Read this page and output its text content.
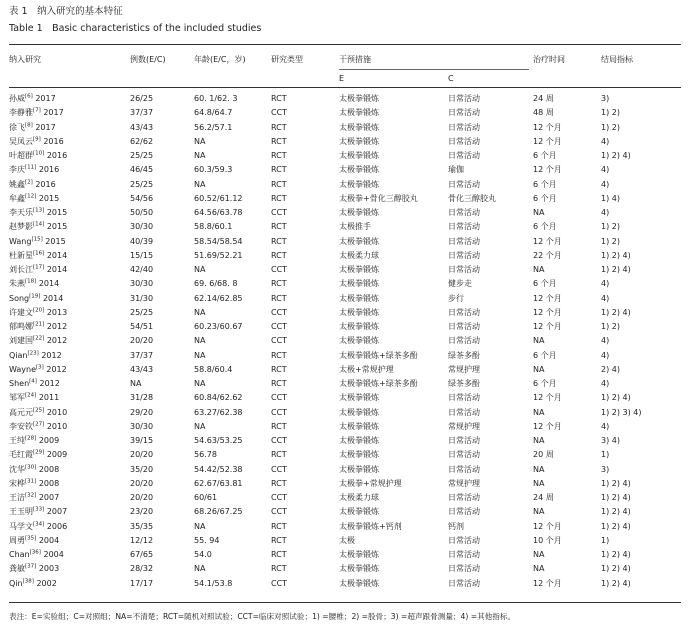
表 1　纳入研究的基本特征
Table 1　Basic characteristics of the included studies
纳入研究	例数(E/C)	年龄(E/C，岁)	研究类型	干预措施	治疗时间	结局指标
E	C
孙威[6] 2017	26/25	60. 1/62. 3	RCT	太极拳锻炼	日常活动	24 周	3)
李静雅[7] 2017	37/37	64.8/64.7	CCT	太极拳锻炼	日常活动	48 周	1) 2)
徐飞[8] 2017	43/43	56.2/57.1	RCT	太极拳锻炼	日常活动	12 个月	1) 2)
吴凤云[9] 2016	62/62	NA	RCT	太极拳锻炼	日常活动	12 个月	4)
叶超群[10] 2016	25/25	NA	RCT	太极拳锻炼	日常活动	6 个月	1) 2) 4)
李庆[11] 2016	46/45	60.3/59.3	RCT	太极拳锻炼	瑜伽	12 个月	4)
姚鑫[2] 2016	25/25	NA	RCT	太极拳锻炼	日常活动	6 个月	4)
牟鑫[12] 2015	54/56	60.52/61.12	RCT	太极拳+骨化三醇胶丸	骨化三醇胶丸	6 个月	1) 4)
李天乐[13] 2015	50/50	64.56/63.78	CCT	太极拳锻炼	日常活动	NA	4)
赵梦影[14] 2015	30/30	58.8/60.1	RCT	太极推手	日常活动	6 个月	1) 2)
Wang[15] 2015	40/39	58.54/58.54	RCT	太极拳锻炼	日常活动	12 个月	1) 2)
杜新星[16] 2014	15/15	51.69/52.21	RCT	太极柔力球	日常活动	22 个月	1) 2) 4)
刘长江[17] 2014	42/40	NA	CCT	太极拳锻炼	日常活动	NA	1) 2) 4)
朱燕[18] 2014	30/30	69. 6/68. 8	RCT	太极拳锻炼	健步走	6 个月	4)
Song[19] 2014	31/30	62.14/62.85	RCT	太极拳锻炼	步行	12 个月	4)
许建文[20] 2013	25/25	NA	CCT	太极拳锻炼	日常活动	12 个月	1) 2) 4)
郁鸣娜[21] 2012	54/51	60.23/60.67	CCT	太极拳锻炼	日常活动	12 个月	1) 2)
刘建国[22] 2012	20/20	NA	CCT	太极拳锻炼	日常活动	NA	4)
Qian[23] 2012	37/37	NA	RCT	太极拳锻炼+绿茶多酚	绿茶多酚	6 个月	4)
Wayne[3] 2012	43/43	58.8/60.4	RCT	太极+常规护理	常规护理	NA	2) 4)
Shen[4] 2012	NA	NA	RCT	太极拳锻炼+绿茶多酚	绿茶多酚	6 个月	4)
邹军[24] 2011	31/28	60.84/62.62	CCT	太极拳锻炼	日常活动	12 个月	1) 2) 4)
高元元[25] 2010	29/20	63.27/62.38	CCT	太极拳锻炼	日常活动	NA	1) 2) 3) 4)
李安钦[27] 2010	30/30	NA	RCT	太极拳锻炼	常规护理	12 个月	4)
王纯[28] 2009	39/15	54.63/53.25	CCT	太极拳锻炼	日常活动	NA	3) 4)
毛红霞[29] 2009	20/20	56.78	RCT	太极拳锻炼	日常活动	20 周	1)
沈华[30] 2008	35/20	54.42/52.38	CCT	太极拳锻炼	日常活动	NA	3)
宋桦[31] 2008	20/20	62.67/63.81	RCT	太极拳+常规护理	常规护理	NA	1) 2) 4)
王洁[32] 2007	20/20	60/61	CCT	太极柔力球	日常活动	24 周	1) 2) 4)
王玉明[33] 2007	23/20	68.26/67.25	CCT	太极拳锻炼	日常活动	NA	1) 2) 4)
马学文[34] 2006	35/35	NA	RCT	太极拳锻炼+钙剂	钙剂	12 个月	1) 2) 4)
周勇[35] 2004	12/12	55. 94	RCT	太极	日常活动	10 个月	1)
Chan[36] 2004	67/65	54.0	RCT	太极拳锻炼	日常活动	NA	1) 2) 4)
龚敏[37] 2003	28/32	NA	RCT	太极拳锻炼	日常活动	NA	1) 2) 4)
Qin[38] 2002	17/17	54.1/53.8	CCT	太极拳锻炼	日常活动	12 个月	1) 2) 4)
表注：E=实验组；C=对照组；NA=不清楚；RCT=随机对照试验；CCT=临床对照试验；1) =腰椎；2) =股骨；3) =超声跟骨测量；4) =其他指标。
